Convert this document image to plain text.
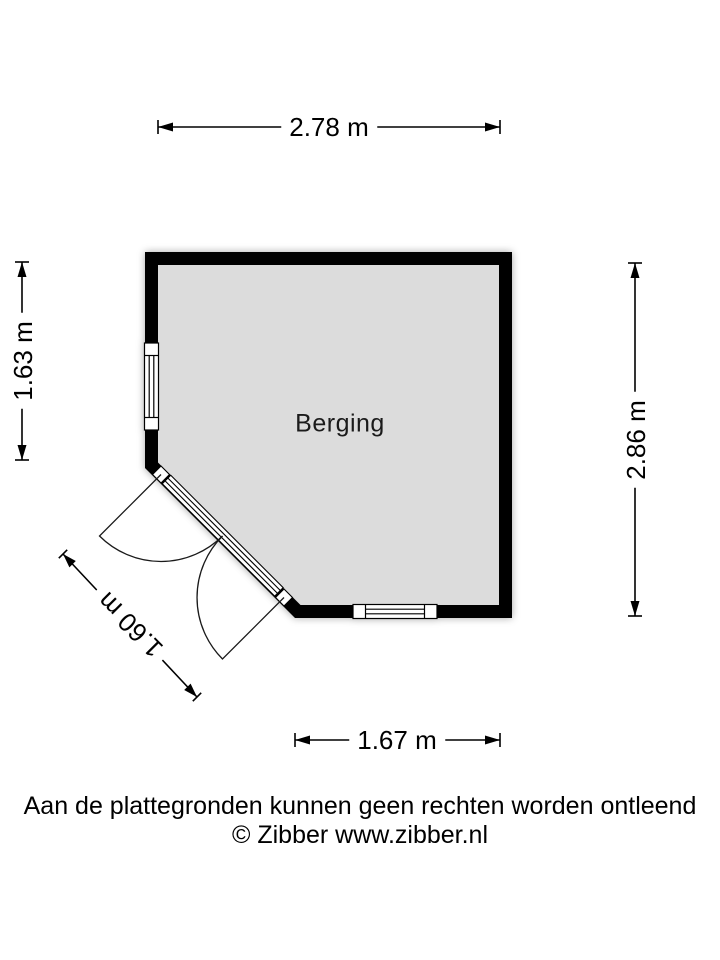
2.78 m
1.63 m
2.86 m
1.67 m
1.60 m
Berging
Aan de plattegronden kunnen geen rechten worden ontleend
© Zibber www.zibber.nl
